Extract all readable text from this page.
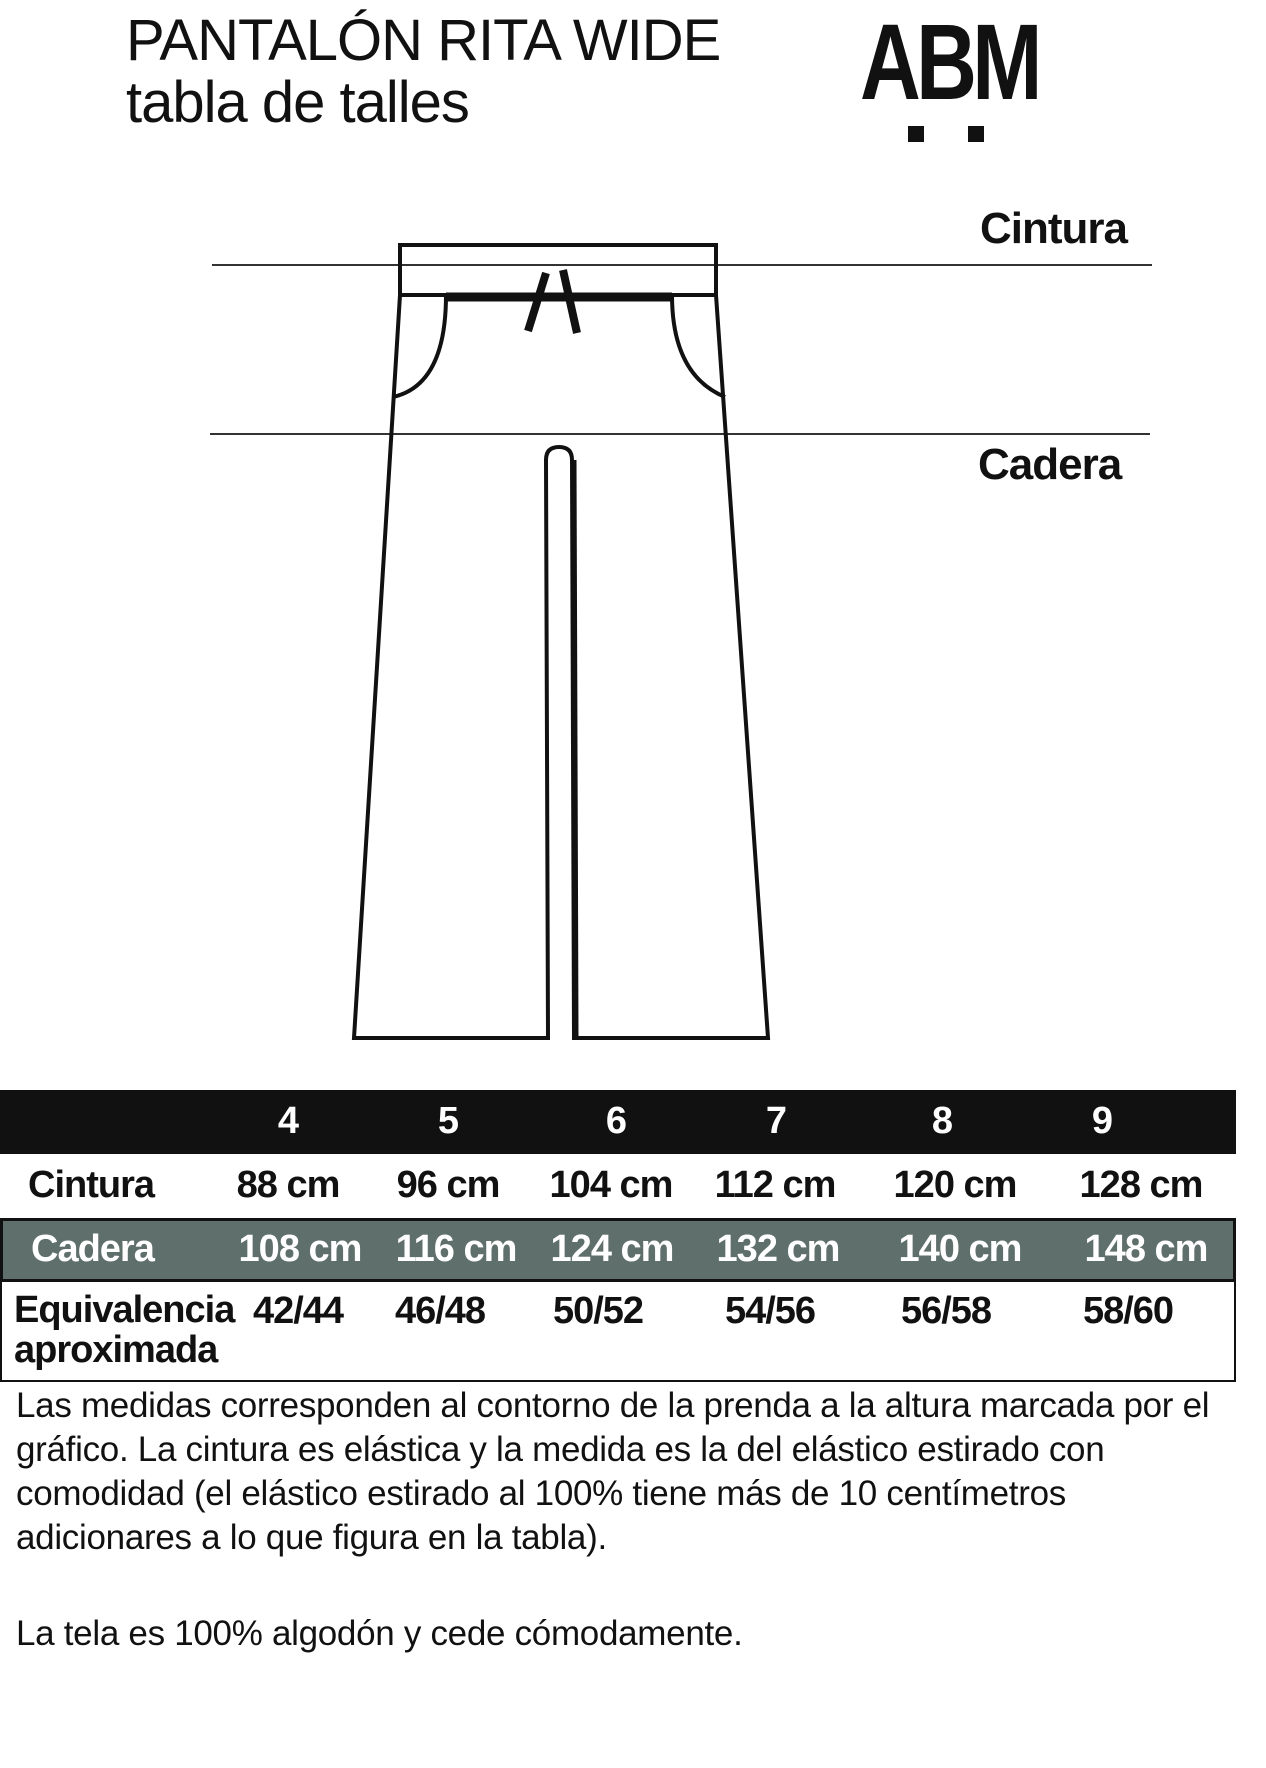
PANTALÓN RITA WIDE
tabla de talles	ABM
Cintura
Cadera
4	5	6	7	8	9
Cintura	88 cm	96 cm	104 cm	112 cm	120 cm	128 cm
Cadera	108 cm 116 cm 124 cm	132 cm	140 cm	148 cm
Equivalencia
aproximada
42/44	46/48	50/52	54/56	56/58	58/60
Las medidas corresponden al contorno de la prenda a la altura marcada por el gráfico. La cintura es elástica y la medida es la del elástico estirado con comodidad (el elástico estirado al 100% tiene más de 10 centímetros adicionares a lo que figura en la tabla).
La tela es 100% algodón y cede cómodamente.
